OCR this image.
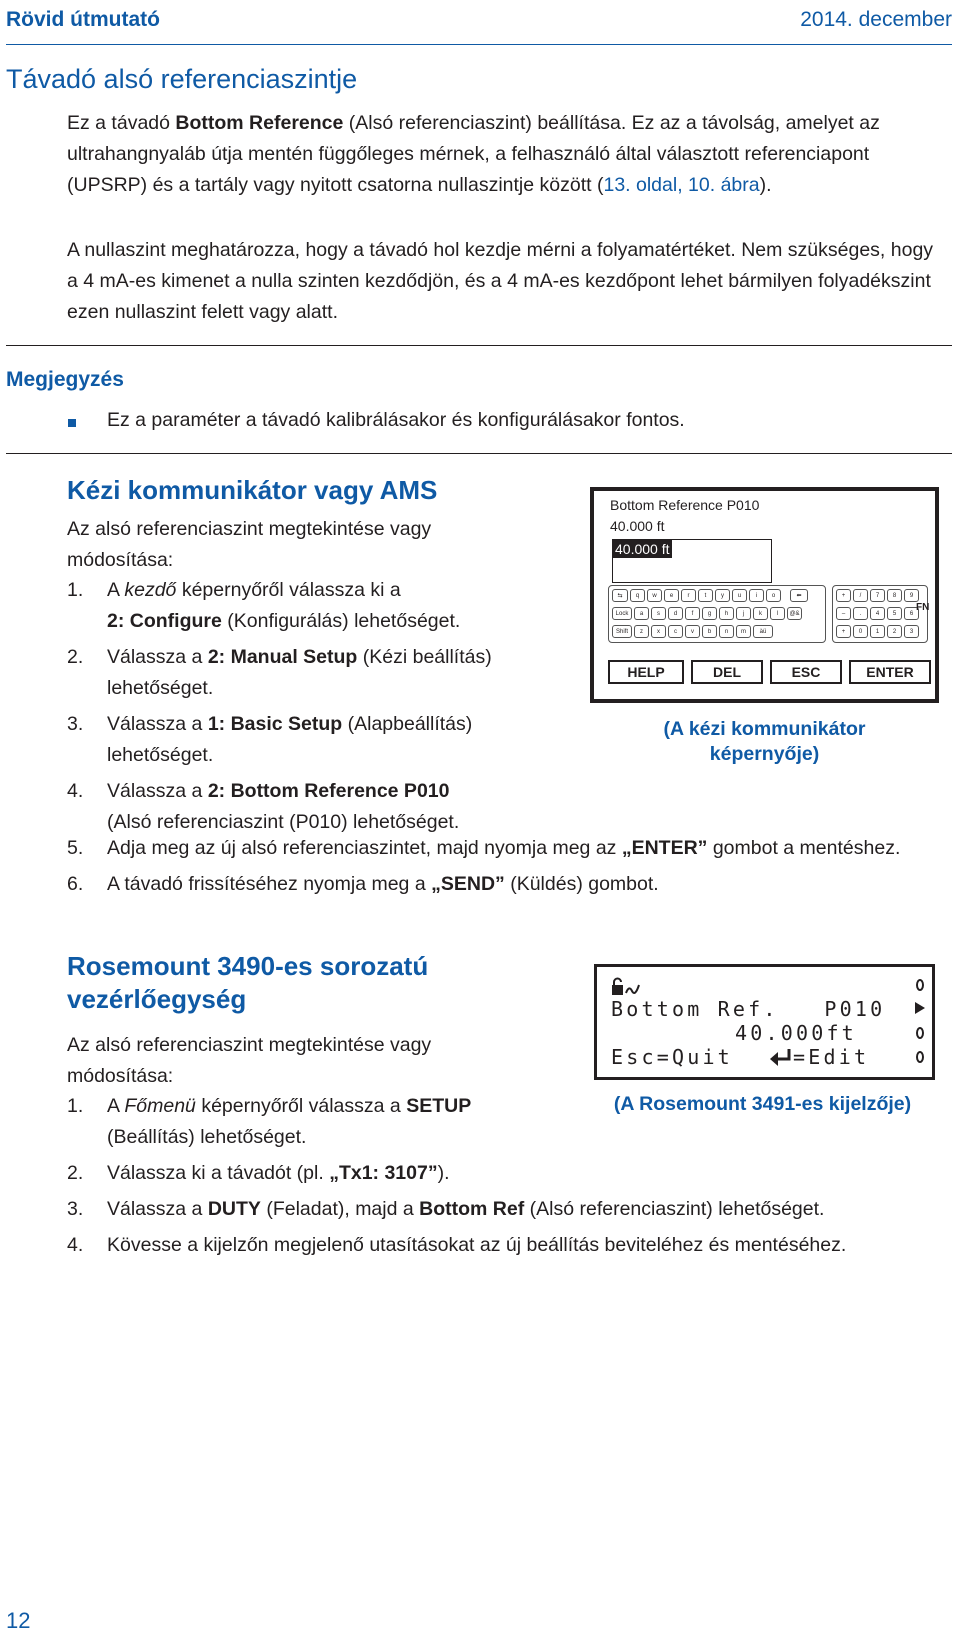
Rövid útmutató	2014. december
Távadó alsó referenciaszintje
Ez a távadó Bottom Reference (Alsó referenciaszint) beállítása. Ez az a távolság, amelyet az ultrahangnyaláb útja mentén függőleges mérnek, a felhasználó által választott referenciapont (UPSRP) és a tartály vagy nyitott csatorna nullaszintje között (13. oldal, 10. ábra).
A nullaszint meghatározza, hogy a távadó hol kezdje mérni a folyamatértéket. Nem szükséges, hogy a 4 mA-es kimenet a nulla szinten kezdődjön, és a 4 mA-es kezdőpont lehet bármilyen folyadékszint ezen nullaszint felett vagy alatt.
Megjegyzés
Ez a paraméter a távadó kalibrálásakor és konfigurálásakor fontos.
Kézi kommunikátor vagy AMS
Az alsó referenciaszint megtekintése vagy módosítása:
1. A kezdő képernyőről válassza ki a
2: Configure (Konfigurálás) lehetőséget.
2. Válassza a 2: Manual Setup (Kézi beállítás) lehetőséget.
3. Válassza a 1: Basic Setup (Alapbeállítás) lehetőséget.
4. Válassza a 2: Bottom Reference P010
(Alsó referenciaszint (P010) lehetőséget.
5. Adja meg az új alsó referenciaszintet, majd nyomja meg az „ENTER” gombot a mentéshez.
6. A távadó frissítéséhez nyomja meg a „SEND” (Küldés) gombot.
Bottom Reference P010
40.000 ft
40.000 ft
⇆	q	w	e	r	t	y	u	i	o	⬅
Lock	a	s	d	f	g	h	j	k	l	@&
Shift	z	x	c	v	b	n	m	àü
+	/	7	8	9
–	.	4	5	6
+	0	1	2	3
FN
HELP	DEL	ESC	ENTER
(A kézi kommunikátor képernyője)
Rosemount 3490-es sorozatú vezérlőegység
Az alsó referenciaszint megtekintése vagy módosítása:
1. A Főmenü képernyőről válassza a SETUP
(Beállítás) lehetőséget.
2. Válassza ki a távadót (pl. „Tx1: 3107”).
3. Válassza a DUTY (Feladat), majd a Bottom Ref (Alsó referenciaszint) lehetőséget.
4. Kövesse a kijelzőn megjelenő utasításokat az új beállítás beviteléhez és mentéséhez.
Bottom Ref.   P010
40.000ft
Esc=Quit	=Edit
(A Rosemount 3491-es kijelzője)
12
